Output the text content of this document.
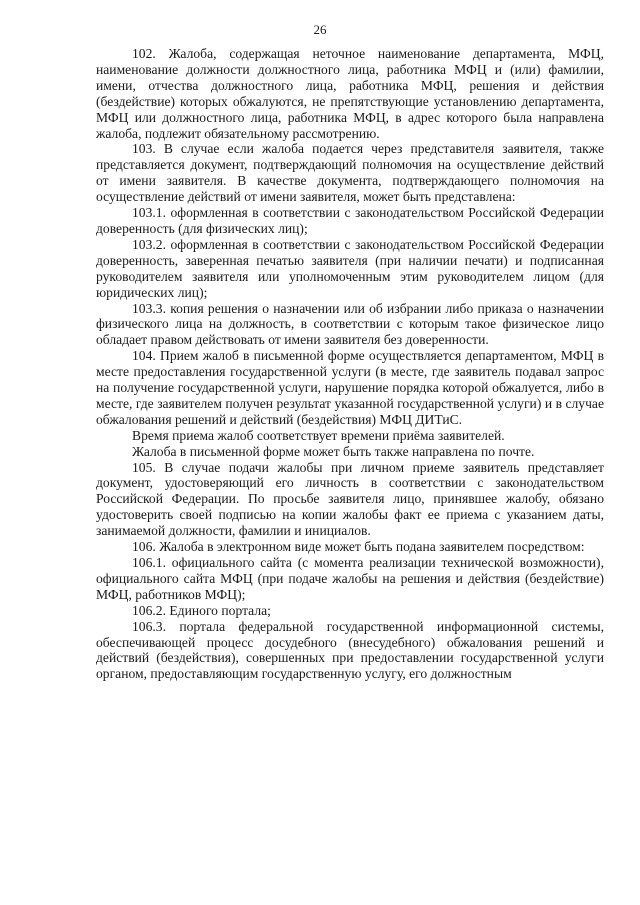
26

102. Жалоба, содержащая неточное наименование департамента, МФЦ, наименование должности должностного лица, работника МФЦ и (или) фамилии, имени, отчества должностного лица, работника МФЦ, решения и действия (бездействие) которых обжалуются, не препятствующие установлению департамента, МФЦ или должностного лица, работника МФЦ, в адрес которого была направлена жалоба, подлежит обязательному рассмотрению.

103. В случае если жалоба подается через представителя заявителя, также представляется документ, подтверждающий полномочия на осуществление действий от имени заявителя. В качестве документа, подтверждающего полномочия на осуществление действий от имени заявителя, может быть представлена:

103.1. оформленная в соответствии с законодательством Российской Федерации доверенность (для физических лиц);

103.2. оформленная в соответствии с законодательством Российской Федерации доверенность, заверенная печатью заявителя (при наличии печати) и подписанная руководителем заявителя или уполномоченным этим руководителем лицом (для юридических лиц);

103.3. копия решения о назначении или об избрании либо приказа о назначении физического лица на должность, в соответствии с которым такое физическое лицо обладает правом действовать от имени заявителя без доверенности.

104. Прием жалоб в письменной форме осуществляется департаментом, МФЦ в месте предоставления государственной услуги (в месте, где заявитель подавал запрос на получение государственной услуги, нарушение порядка которой обжалуется, либо в месте, где заявителем получен результат указанной государственной услуги) и в случае обжалования решений и действий (бездействия) МФЦ ДИТиС.

Время приема жалоб соответствует времени приёма заявителей.

Жалоба в письменной форме может быть также направлена по почте.

105. В случае подачи жалобы при личном приеме заявитель представляет документ, удостоверяющий его личность в соответствии с законодательством Российской Федерации. По просьбе заявителя лицо, принявшее жалобу, обязано удостоверить своей подписью на копии жалобы факт ее приема с указанием даты, занимаемой должности, фамилии и инициалов.

106. Жалоба в электронном виде может быть подана заявителем посредством:

106.1. официального сайта (с момента реализации технической возможности), официального сайта МФЦ (при подаче жалобы на решения и действия (бездействие) МФЦ, работников МФЦ);

106.2. Единого портала;

106.3. портала федеральной государственной информационной системы, обеспечивающей процесс досудебного (внесудебного) обжалования решений и действий (бездействия), совершенных при предоставлении государственной услуги органом, предоставляющим государственную услугу, его должностным
